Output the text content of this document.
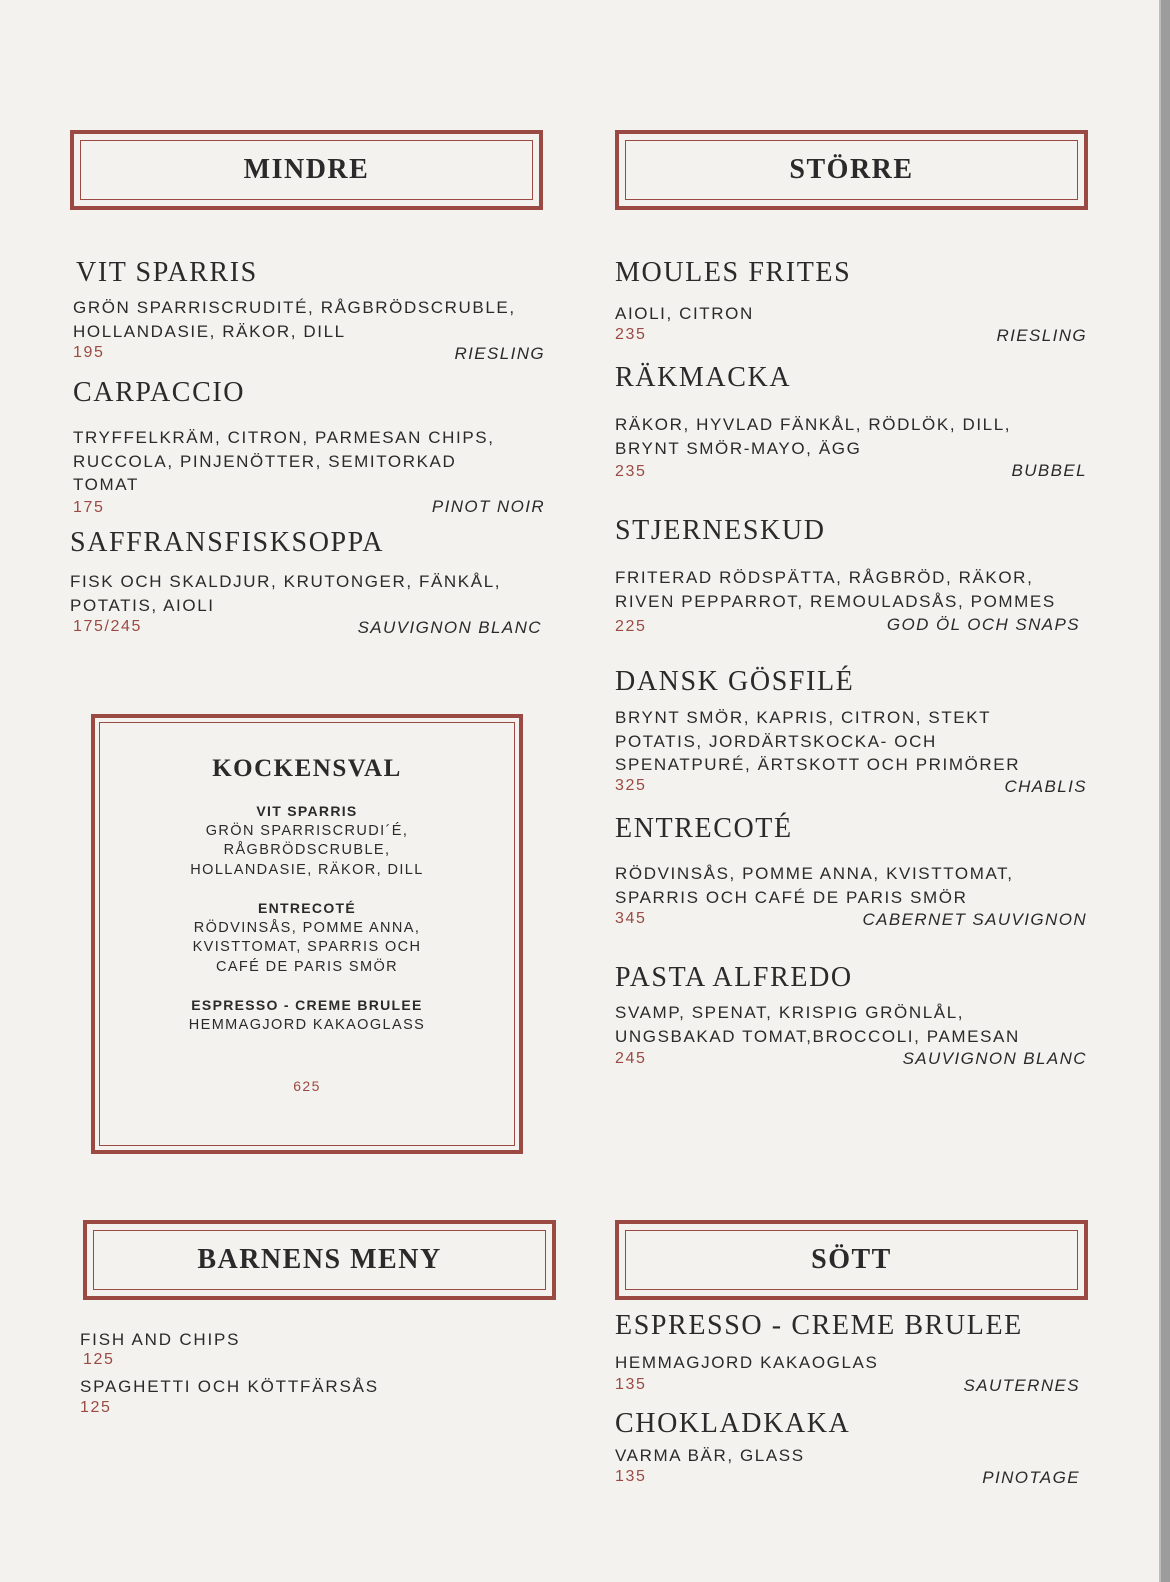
MINDRE	STÖRRE
BARNENS MENY	SÖTT
VIT SPARRIS

GRÖN SPARRISCRUDITÉ, RÅGBRÖDSCRUBLE, HOLLANDASIE, RÄKOR, DILL

195	RIESLING

CARPACCIO

TRYFFELKRÄM, CITRON, PARMESAN CHIPS, RUCCOLA, PINJENÖTTER, SEMITORKAD TOMAT

175	PINOT NOIR

SAFFRANSFISKSOPPA

FISK OCH SKALDJUR, KRUTONGER, FÄNKÅL, POTATIS, AIOLI

175/245	SAUVIGNON BLANC

KOCKENSVAL

VIT SPARRIS

GRÖN SPARRISCRUDI´É, RÅGBRÖDSCRUBLE, HOLLANDASIE, RÄKOR, DILL

ENTRECOTÉ

RÖDVINSÅS, POMME ANNA, KVISTTOMAT, SPARRIS OCH CAFÉ DE PARIS SMÖR

ESPRESSO - CREME BRULEE

HEMMAGJORD KAKAOGLASS

625

MOULES FRITES

AIOLI, CITRON

235	RIESLING

RÄKMACKA

RÄKOR, HYVLAD FÄNKÅL, RÖDLÖK, DILL, BRYNT SMÖR-MAYO, ÄGG

235	BUBBEL

STJERNESKUD

FRITERAD RÖDSPÄTTA, RÅGBRÖD, RÄKOR, RIVEN PEPPARROT, REMOULADSÅS, POMMES

225	GOD ÖL OCH SNAPS

DANSK GÖSFILÉ

BRYNT SMÖR, KAPRIS, CITRON, STEKT POTATIS, JORDÄRTSKOCKA- OCH SPENATPURÉ, ÄRTSKOTT OCH PRIMÖRER

325	CHABLIS

ENTRECOTÉ

RÖDVINSÅS, POMME ANNA, KVISTTOMAT, SPARRIS OCH CAFÉ DE PARIS SMÖR

345	CABERNET SAUVIGNON

PASTA ALFREDO

SVAMP, SPENAT, KRISPIG GRÖNLÅL, UNGSBAKAD TOMAT,BROCCOLI, PAMESAN

245	SAUVIGNON BLANC

FISH AND CHIPS

125

SPAGHETTI OCH KÖTTFÄRSÅS

125

ESPRESSO - CREME BRULEE

HEMMAGJORD KAKAOGLAS

135	SAUTERNES

CHOKLADKAKA

VARMA BÄR, GLASS

135	PINOTAGE
